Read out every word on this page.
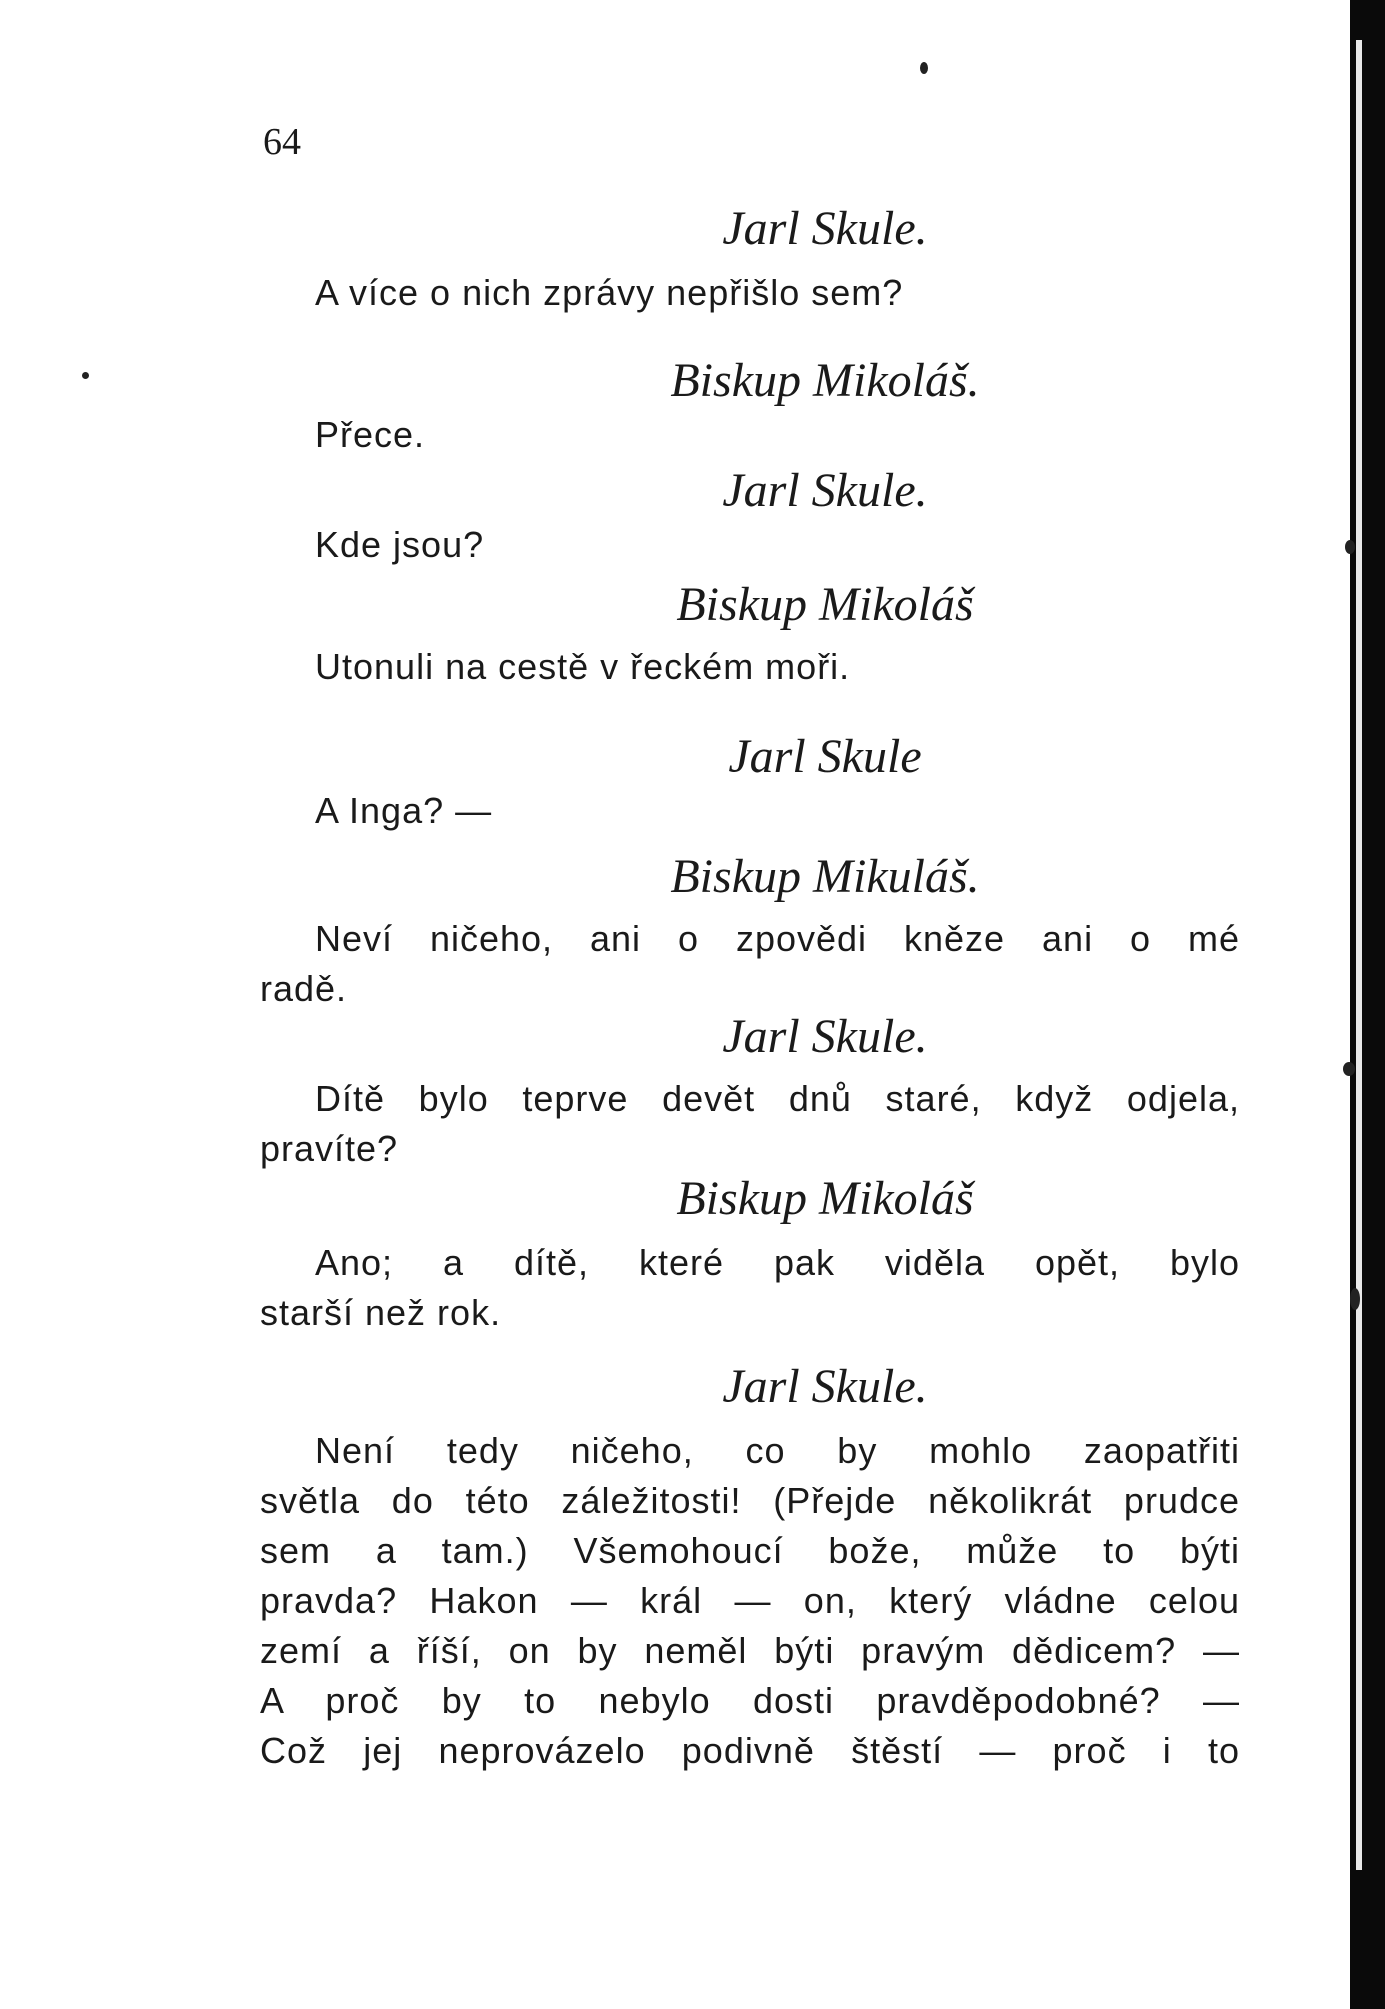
64
Jarl Skule.
A více o nich zprávy nepřišlo sem?
Biskup Mikoláš.
Přece.
Jarl Skule.
Kde jsou?
Biskup Mikoláš
Utonuli na cestě v řeckém moři.
Jarl Skule
A Inga? —
Biskup Mikuláš.
Neví ničeho, ani o zpovědi kněze ani o mé
radě.
Jarl Skule.
Dítě bylo teprve devět dnů staré, když odjela,
pravíte?
Biskup Mikoláš
Ano; a dítě, které pak viděla opět, bylo
starší než rok.
Jarl Skule.
Není tedy ničeho, co by mohlo zaopatřiti
světla do této záležitosti! (Přejde několikrát prudce
sem a tam.) Všemohoucí bože, může to býti
pravda? Hakon — král — on, který vládne celou
zemí a říší, on by neměl býti pravým dědicem? —
A proč by to nebylo dosti pravděpodobné? —
Což jej neprovázelo podivně štěstí — proč i to
